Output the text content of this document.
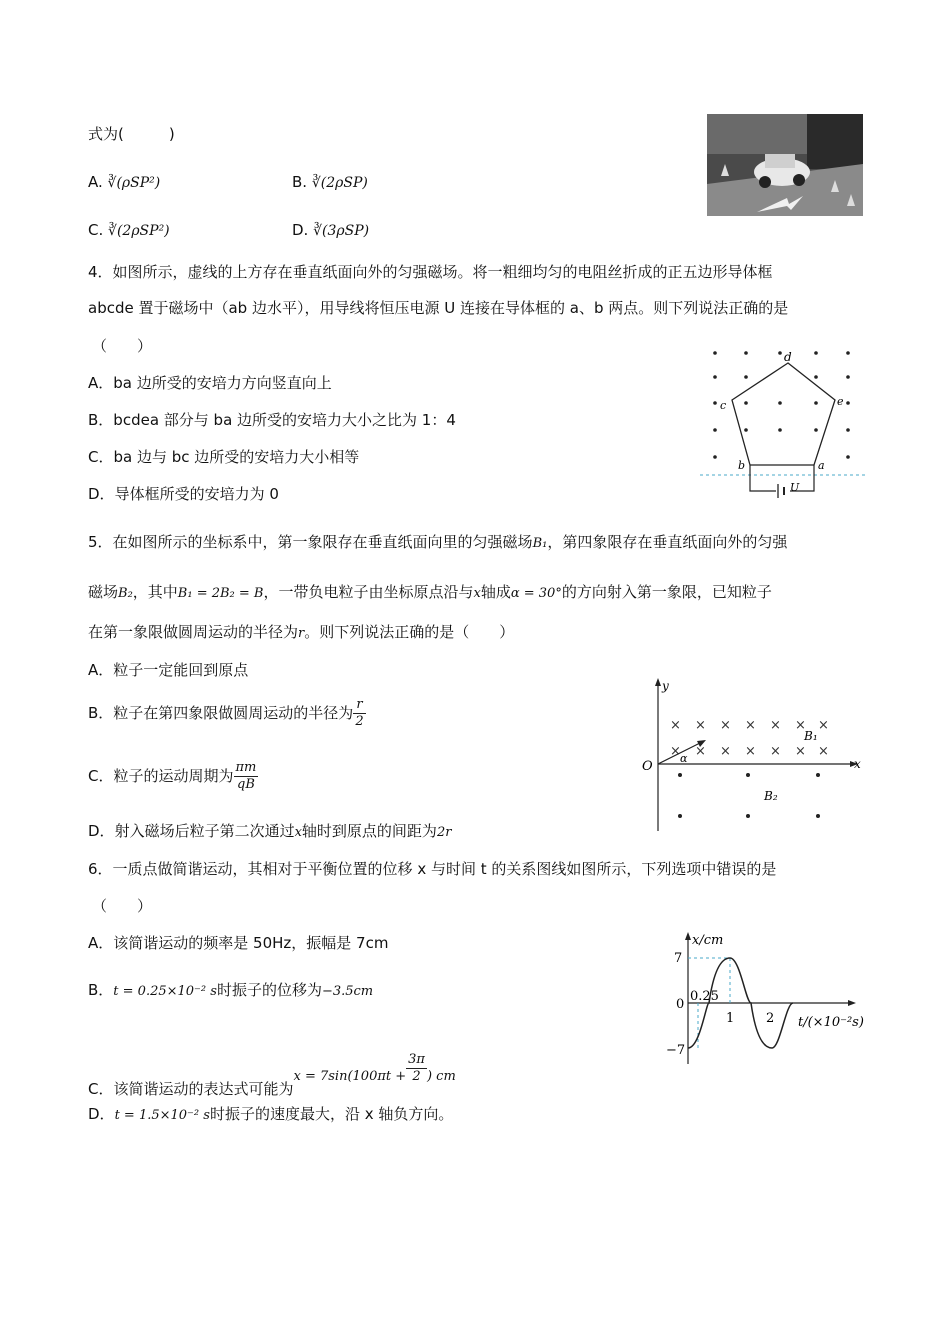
式为(　　　)
A. ∛(ρSP²)	B. ∛(2ρSP)
C. ∛(2ρSP²)	D. ∛(3ρSP)
4．如图所示，虚线的上方存在垂直纸面向外的匀强磁场。将一粗细均匀的电阻丝折成的正五边形导体框
abcde 置于磁场中（ab 边水平），用导线将恒压电源 U 连接在导体框的 a、b 两点。则下列说法正确的是
（　　）
A．ba 边所受的安培力方向竖直向上
B．bcdea 部分与 ba 边所受的安培力大小之比为 1：4
C．ba 边与 bc 边所受的安培力大小相等
D．导体框所受的安培力为 0
d
c	e
b	a
U
5．在如图所示的坐标系中，第一象限存在垂直纸面向里的匀强磁场B₁，第四象限存在垂直纸面向外的匀强
磁场B₂，其中B₁ = 2B₂ = B，一带负电粒子由坐标原点沿与x轴成α = 30°的方向射入第一象限，已知粒子
在第一象限做圆周运动的半径为r。则下列说法正确的是（　　）
A．粒子一定能回到原点
B．粒子在第四象限做圆周运动的半径为 $\frac{r}{2}$
C．粒子的运动周期为 $\frac{\pi m}{qB}$
D．射入磁场后粒子第二次通过x轴时到原点的间距为2r
y
x
O
× × × × × × ×
× × × × × × ×
α
B₁
B₂
6．一质点做简谐运动，其相对于平衡位置的位移 x 与时间 t 的关系图线如图所示，下列选项中错误的是
（　　）
A．该简谐运动的频率是 50Hz，振幅是 7cm
B．t = 0.25×10⁻² s时振子的位移为−3.5cm
C．该简谐运动的表达式可能为$x = 7\sin(100\pi t + \frac{3\pi}{2}$ ) cm
D．t = 1.5×10⁻² s时振子的速度最大，沿 x 轴负方向。
x/cm
t/(×10⁻²s)
7
−7
0
0.25
1 2
